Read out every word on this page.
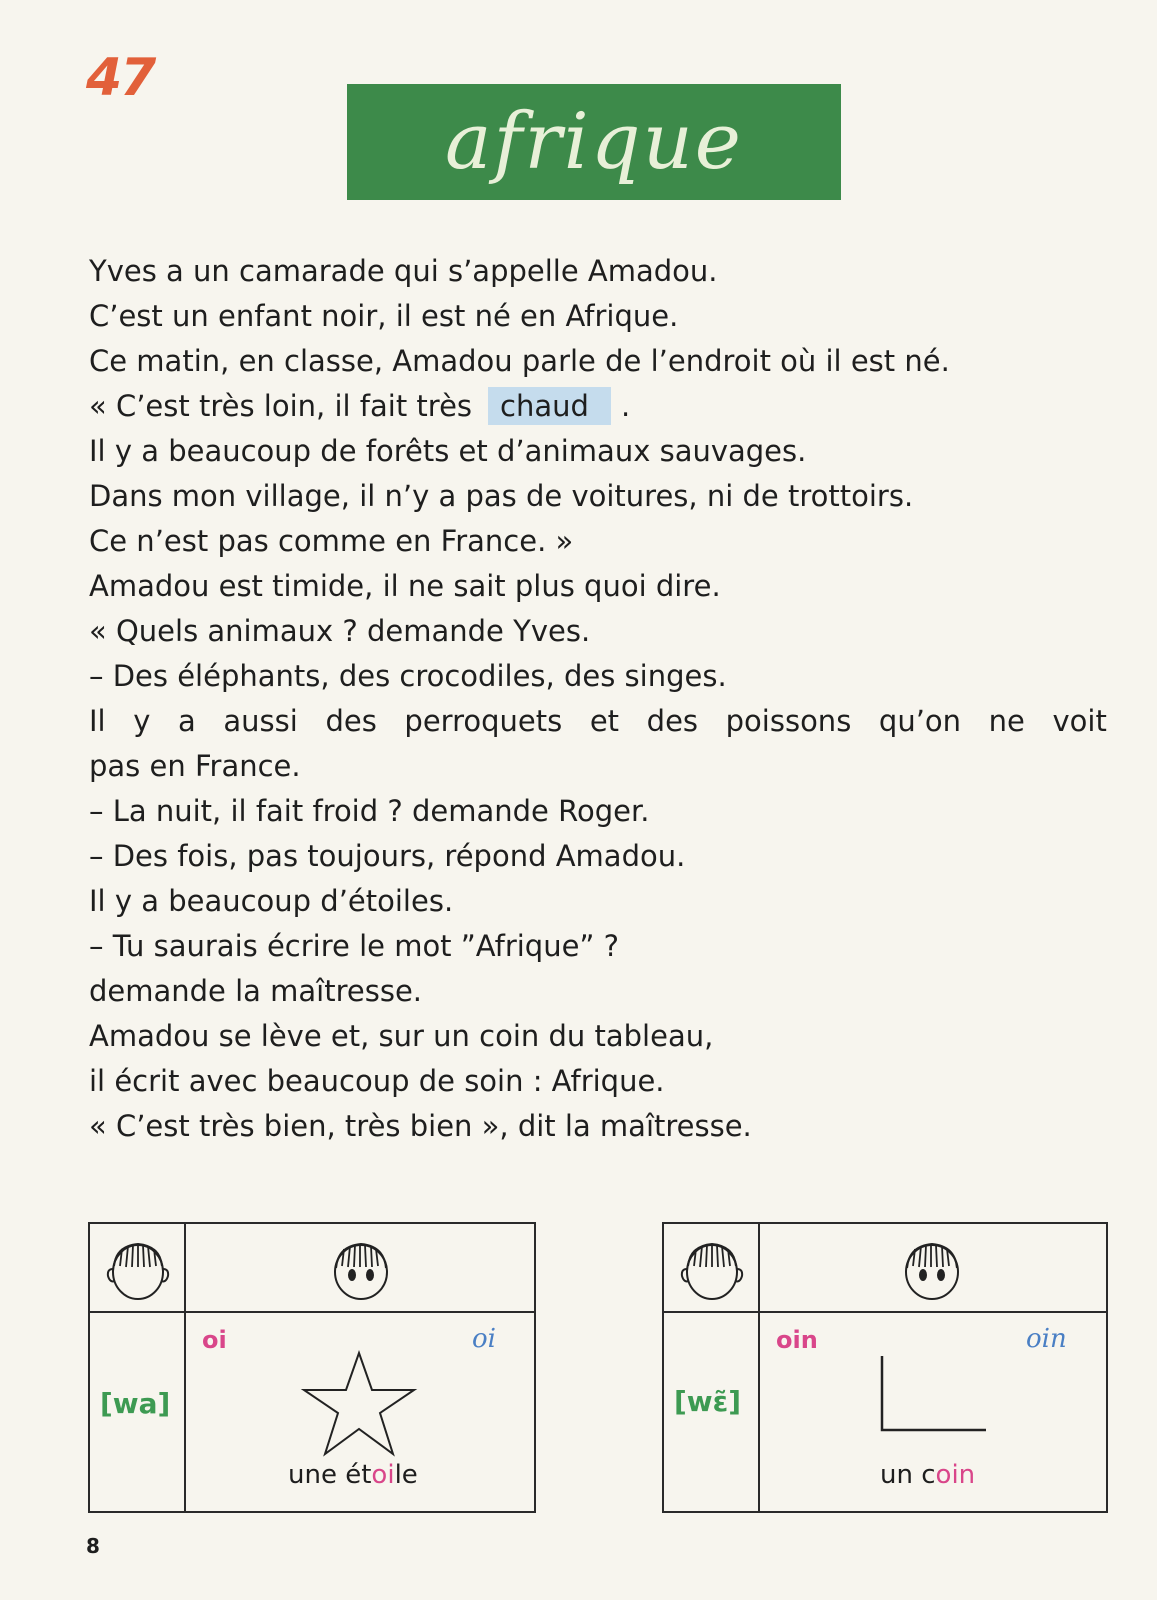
47
afrique
Yves a un camarade qui s’appelle Amadou.
C’est un enfant noir, il est né en Afrique.
Ce matin, en classe, Amadou parle de l’endroit où il est né.
« C’est très loin, il fait très chaud .
Il y a beaucoup de forêts et d’animaux sauvages.
Dans mon village, il n’y a pas de voitures, ni de trottoirs.
Ce n’est pas comme en France. »
Amadou est timide, il ne sait plus quoi dire.
« Quels animaux ? demande Yves.
– Des éléphants, des crocodiles, des singes.
Il y a aussi des perroquets et des poissons qu’on ne voit
pas en France.
– La nuit, il fait froid ? demande Roger.
– Des fois, pas toujours, répond Amadou.
Il y a beaucoup d’étoiles.
– Tu saurais écrire le mot ”Afrique” ?
demande la maîtresse.
Amadou se lève et, sur un coin du tableau,
il écrit avec beaucoup de soin : Afrique.
« C’est très bien, très bien », dit la maîtresse.
[wa]
oi	oi
une étoile
[wɛ̃]
oin	oin
un coin
8
